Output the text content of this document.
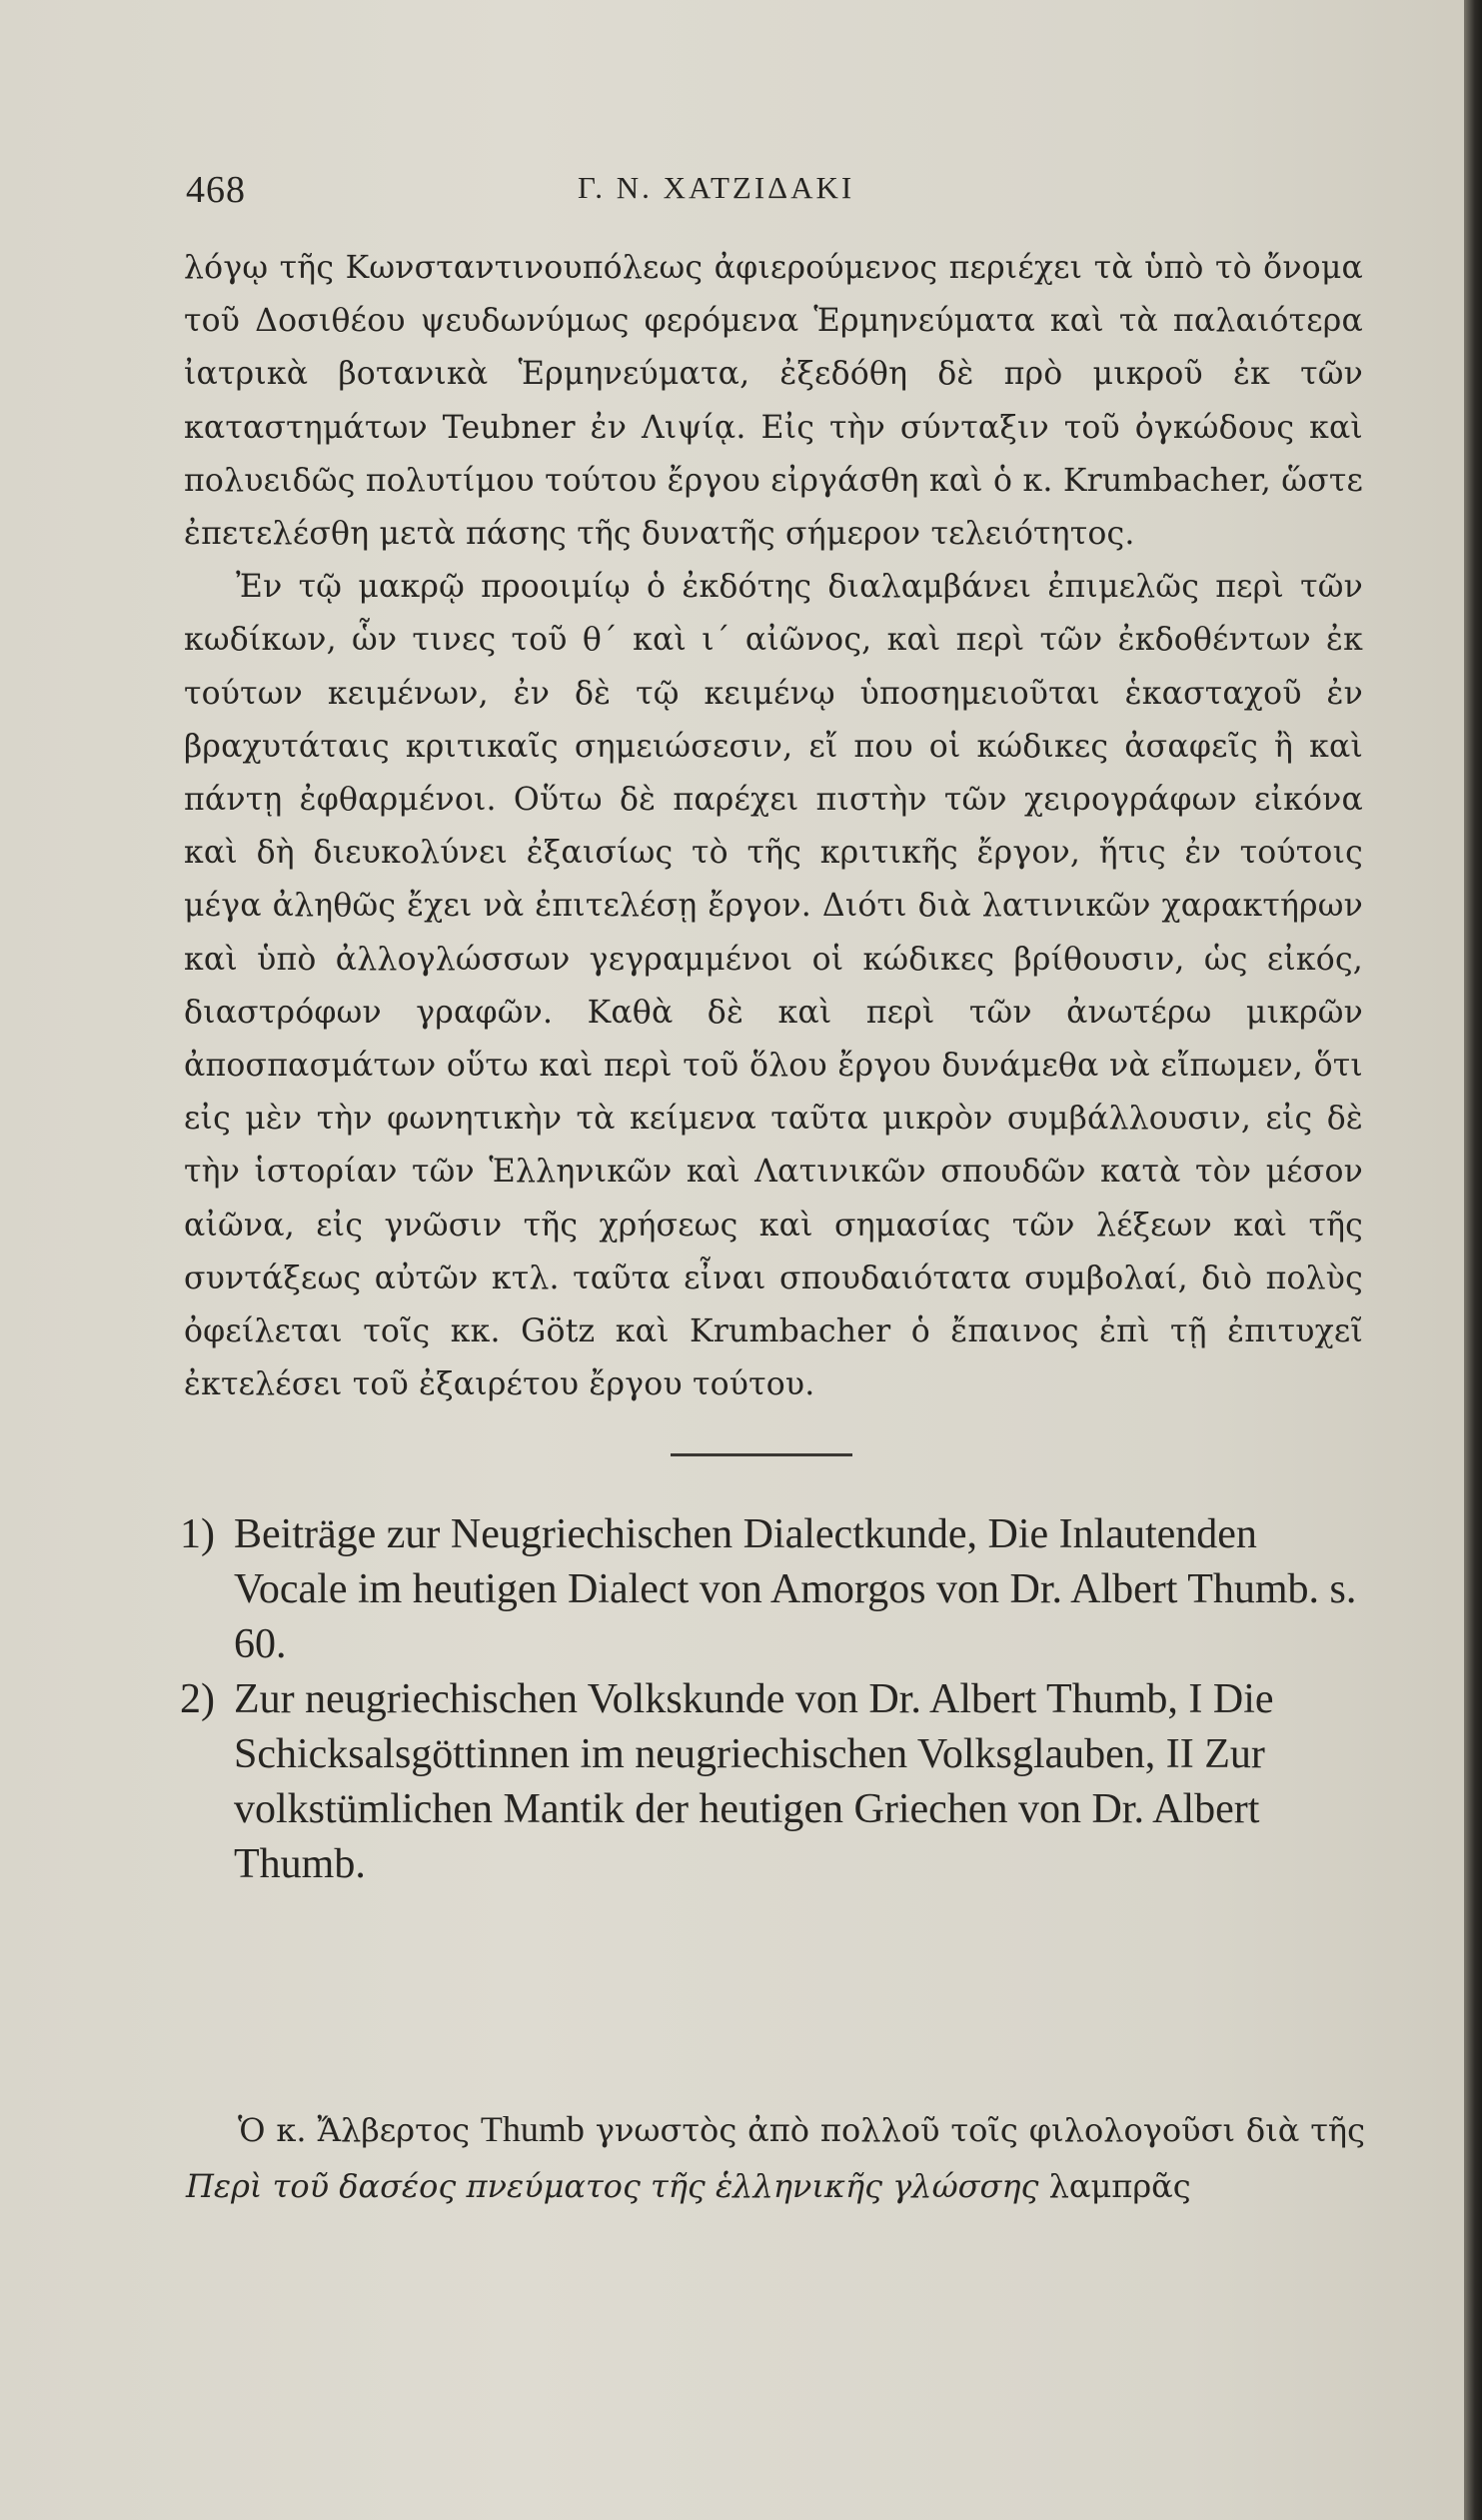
468	Γ. Ν. ΧΑΤΖΙΔΑΚΙ

λόγῳ τῆς Κωνσταντινουπόλεως ἀφιερούμενος περιέχει τὰ ὑπὸ τὸ ὄνομα τοῦ Δοσιθέου ψευδωνύμως φερόμενα Ἑρμηνεύματα καὶ τὰ παλαιότερα ἰατρικὰ βοτανικὰ Ἑρμηνεύματα, ἐξεδόθη δὲ πρὸ μικροῦ ἐκ τῶν καταστημάτων Teubner ἐν Λιψίᾳ. Εἰς τὴν σύνταξιν τοῦ ὀγκώδους καὶ πολυειδῶς πολυτίμου τούτου ἔργου εἰργάσθη καὶ ὁ κ. Krumbacher, ὥστε ἐπετελέσθη μετὰ πάσης τῆς δυνατῆς σήμερον τελειότητος.

Ἐν τῷ μακρῷ προοιμίῳ ὁ ἐκδότης διαλαμβάνει ἐπιμελῶς περὶ τῶν κωδίκων, ὧν τινες τοῦ θ΄ καὶ ι΄ αἰῶνος, καὶ περὶ τῶν ἐκδοθέντων ἐκ τούτων κειμένων, ἐν δὲ τῷ κειμένῳ ὑποσημειοῦται ἑκασταχοῦ ἐν βραχυτάταις κριτικαῖς σημειώσεσιν, εἴ που οἱ κώδικες ἀσαφεῖς ἢ καὶ πάντῃ ἐφθαρμένοι. Οὕτω δὲ παρέχει πιστὴν τῶν χειρογράφων εἰκόνα καὶ δὴ διευκολύνει ἐξαισίως τὸ τῆς κριτικῆς ἔργον, ἥτις ἐν τούτοις μέγα ἀληθῶς ἔχει νὰ ἐπιτελέσῃ ἔργον. Διότι διὰ λατινικῶν χαρακτήρων καὶ ὑπὸ ἀλλογλώσσων γεγραμμένοι οἱ κώδικες βρίθουσιν, ὡς εἰκός, διαστρόφων γραφῶν. Καθὰ δὲ καὶ περὶ τῶν ἀνωτέρω μικρῶν ἀποσπασμάτων οὕτω καὶ περὶ τοῦ ὅλου ἔργου δυνάμεθα νὰ εἴπωμεν, ὅτι εἰς μὲν τὴν φωνητικὴν τὰ κείμενα ταῦτα μικρὸν συμβάλλουσιν, εἰς δὲ τὴν ἱστορίαν τῶν Ἑλληνικῶν καὶ Λατινικῶν σπουδῶν κατὰ τὸν μέσον αἰῶνα, εἰς γνῶσιν τῆς χρήσεως καὶ σημασίας τῶν λέξεων καὶ τῆς συντάξεως αὐτῶν κτλ. ταῦτα εἶναι σπουδαιότατα συμβολαί, διὸ πολὺς ὀφείλεται τοῖς κκ. Götz καὶ Krumbacher ὁ ἔπαινος ἐπὶ τῇ ἐπιτυχεῖ ἐκτελέσει τοῦ ἐξαιρέτου ἔργου τούτου.

1) Beiträge zur Neugriechischen Dialectkunde, Die Inlautenden Vocale im heutigen Dialect von Amorgos von Dr. Albert Thumb. s. 60.
2) Zur neugriechischen Volkskunde von Dr. Albert Thumb, I Die Schicksalsgöttinnen im neugriechischen Volksglauben, II Zur volkstümlichen Mantik der heutigen Griechen von Dr. Albert Thumb.
Ὁ κ. Ἄλβερτος Thumb γνωστὸς ἀπὸ πολλοῦ τοῖς φιλολογοῦσι διὰ τῆς Περὶ τοῦ δασέος πνεύματος τῆς ἑλληνικῆς γλώσσης λαμπρᾶς
